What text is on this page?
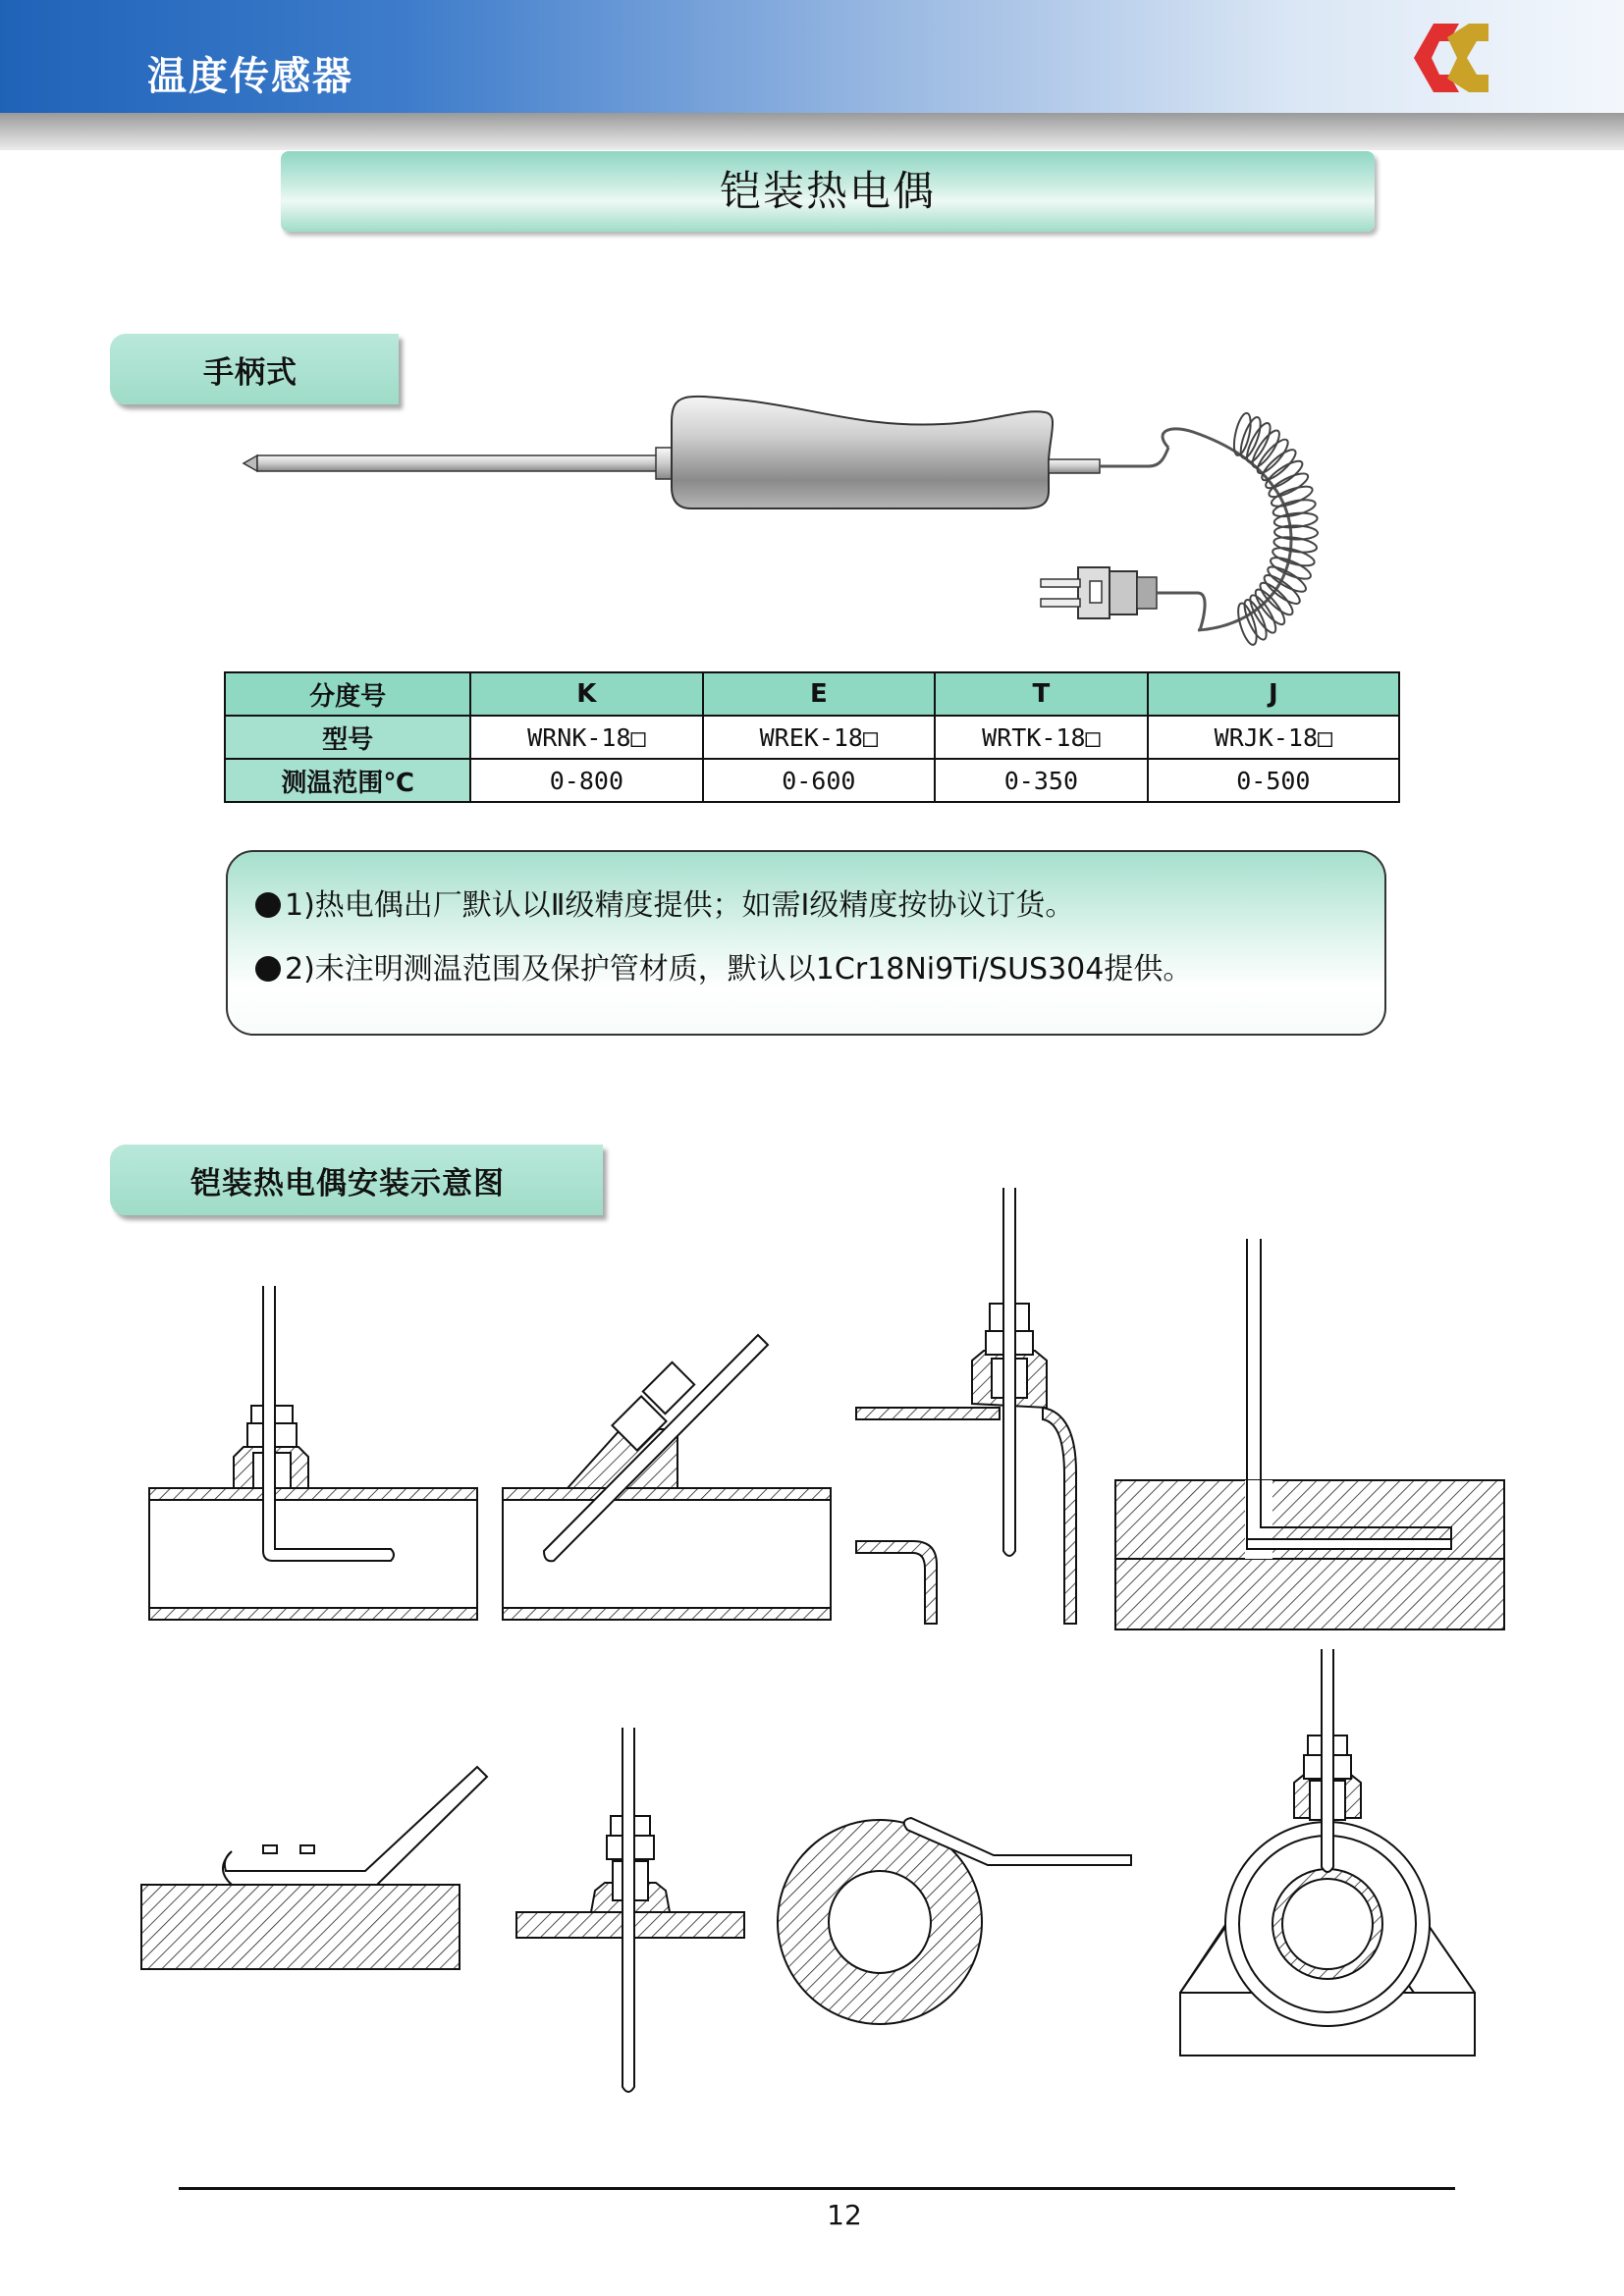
温度传感器
铠装热电偶
手柄式
分度号	K	E	T	J
型号	WRNK-18□	WREK-18□	WRTK-18□	WRJK-18□
测温范围℃	0-800	0-600	0-350	0-500
1)热电偶出厂默认以Ⅱ级精度提供；如需Ⅰ级精度按协议订货。
2)未注明测温范围及保护管材质，默认以1Cr18Ni9Ti/SUS304提供。
铠装热电偶安装示意图
12
